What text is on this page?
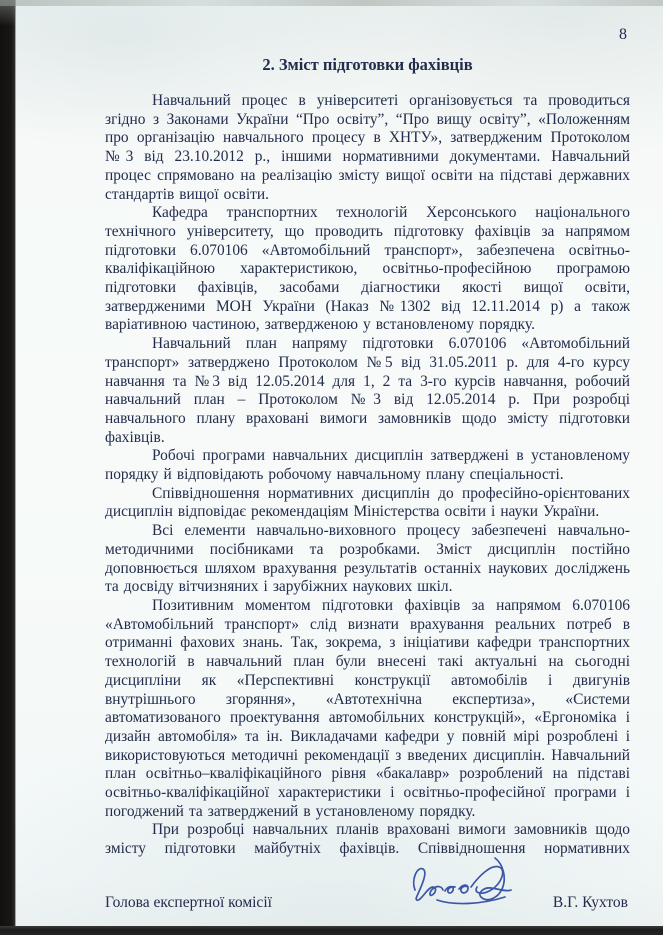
8
2. Зміст підготовки фахівців

Навчальний процес в університеті організовується та проводиться згідно з Законами України “Про освіту”, “Про вищу освіту”, «Положенням про організацію навчального процесу в ХНТУ», затвердженим Протоколом №3 від 23.10.2012 р., іншими нормативними документами. Навчальний процес спрямовано на реалізацію змісту вищої освіти на підставі державних стандартів вищої освіти.

Кафедра транспортних технологій Херсонського національного технічного університету, що проводить підготовку фахівців за напрямом підготовки 6.070106 «Автомобільний транспорт», забезпечена освітньо-кваліфікаційною характеристикою, освітньо-професійною програмою підготовки фахівців, засобами діагностики якості вищої освіти, затвердженими МОН України (Наказ №1302 від 12.11.2014 р) а також варіативною частиною, затвердженою у встановленому порядку.

Навчальний план напряму підготовки 6.070106 «Автомобільний транспорт» затверджено Протоколом №5 від 31.05.2011 р. для 4-го курсу навчання та №3 від 12.05.2014 для 1, 2 та 3-го курсів навчання, робочий навчальний план – Протоколом №3 від 12.05.2014 р. При розробці навчального плану враховані вимоги замовників щодо змісту підготовки фахівців.

Робочі програми навчальних дисциплін затверджені в установленому порядку й відповідають робочому навчальному плану спеціальності.

Співвідношення нормативних дисциплін до професійно-орієнтованих дисциплін відповідає рекомендаціям Міністерства освіти і науки України.

Всі елементи навчально-виховного процесу забезпечені навчально-методичними посібниками та розробками. Зміст дисциплін постійно доповнюється шляхом врахування результатів останніх наукових досліджень та досвіду вітчизняних і зарубіжних наукових шкіл.

Позитивним моментом підготовки фахівців за напрямом 6.070106 «Автомобільний транспорт» слід визнати врахування реальних потреб в отриманні фахових знань. Так, зокрема, з ініціативи кафедри транспортних технологій в навчальний план були внесені такі актуальні на сьогодні дисципліни як «Перспективні конструкції автомобілів і двигунів внутрішнього згоряння», «Автотехнічна експертиза», «Системи автоматизованого проектування автомобільних конструкцій», «Ергономіка і дизайн автомобіля» та ін. Викладачами кафедри у повній мірі розроблені і використовуються методичні рекомендації з введених дисциплін. Навчальний план освітньо–кваліфікаційного рівня «бакалавр» розроблений на підставі освітньо-кваліфікаційної характеристики і освітньо-професійної програми і погоджений та затверджений в установленому порядку.

При розробці навчальних планів враховані вимоги замовників щодо змісту підготовки майбутніх фахівців. Співвідношення нормативних

Голова експертної комісії	В.Г. Кухтов
